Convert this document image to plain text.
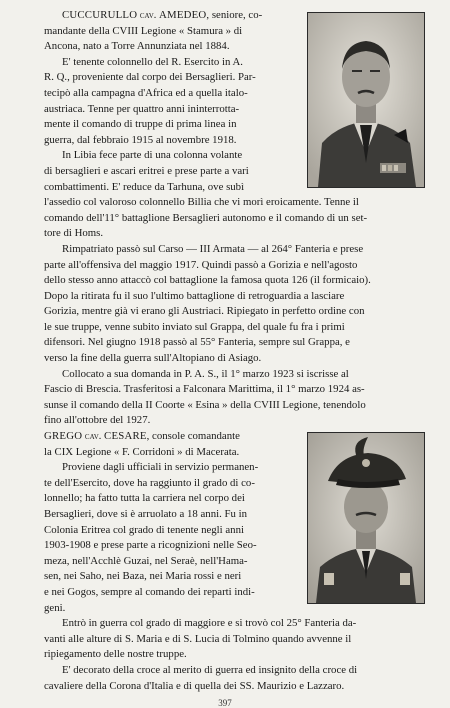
CUCCURULLO cav. AMEDEO, seniore, co-
mandante della CVIII Legione « Stamura » di
Ancona, nato a Torre Annunziata nel 1884.
E' tenente colonnello del R. Esercito in A.
R. Q., proveniente dal corpo dei Bersaglieri. Par-
tecipò alla campagna d'Africa ed a quella italo-
austriaca. Tenne per quattro anni ininterrotta-
mente il comando di truppe di prima linea in
guerra, dal febbraio 1915 al novembre 1918.
In Libia fece parte di una colonna volante
di bersaglieri e ascari eritrei e prese parte a vari
combattimenti. E' reduce da Tarhuna, ove subì
l'assedio col valoroso colonnello Billia che vi morì eroicamente. Tenne il
comando dell'11° battaglione Bersaglieri autonomo e il comando di un set-
tore di Homs.
Rimpatriato passò sul Carso — III Armata — al 264° Fanteria e prese
parte all'offensiva del maggio 1917. Quindi passò a Gorizia e nell'agosto
dello stesso anno attaccò col battaglione la famosa quota 126 (il formicaio).
Dopo la ritirata fu il suo l'ultimo battaglione di retroguardia a lasciare
Gorizia, mentre già vi erano gli Austriaci. Ripiegato in perfetto ordine con
le sue truppe, venne subito inviato sul Grappa, del quale fu fra i primi
difensori. Nel giugno 1918 passò al 55° Fanteria, sempre sul Grappa, e
verso la fine della guerra sull'Altopiano di Asiago.
Collocato a sua domanda in P. A. S., il 1° marzo 1923 si iscrisse al
Fascio di Brescia. Trasferitosi a Falconara Marittima, il 1° marzo 1924 as-
sunse il comando della II Coorte « Esina » della CVIII Legione, tenendolo
fino all'ottobre del 1927.
GREGO cav. CESARE, console comandante
la CIX Legione « F. Corridoni » di Macerata.
Proviene dagli ufficiali in servizio permanen-
te dell'Esercito, dove ha raggiunto il grado di co-
lonnello; ha fatto tutta la carriera nel corpo dei
Bersaglieri, dove si è arruolato a 18 anni. Fu in
Colonia Eritrea col grado di tenente negli anni
1903-1908 e prese parte a ricognizioni nelle Seo-
meza, nell'Acchlè Guzai, nel Seraè, nell'Hama-
sen, nei Saho, nei Baza, nei Maria rossi e neri
e nei Gogos, sempre al comando dei reparti indi-
geni.
Entrò in guerra col grado di maggiore e si trovò col 25° Fanteria da-
vanti alle alture di S. Maria e di S. Lucia di Tolmino quando avvenne il
ripiegamento delle nostre truppe.
E' decorato della croce al merito di guerra ed insignito della croce di
cavaliere della Corona d'Italia e di quella dei SS. Maurizio e Lazzaro.
397
